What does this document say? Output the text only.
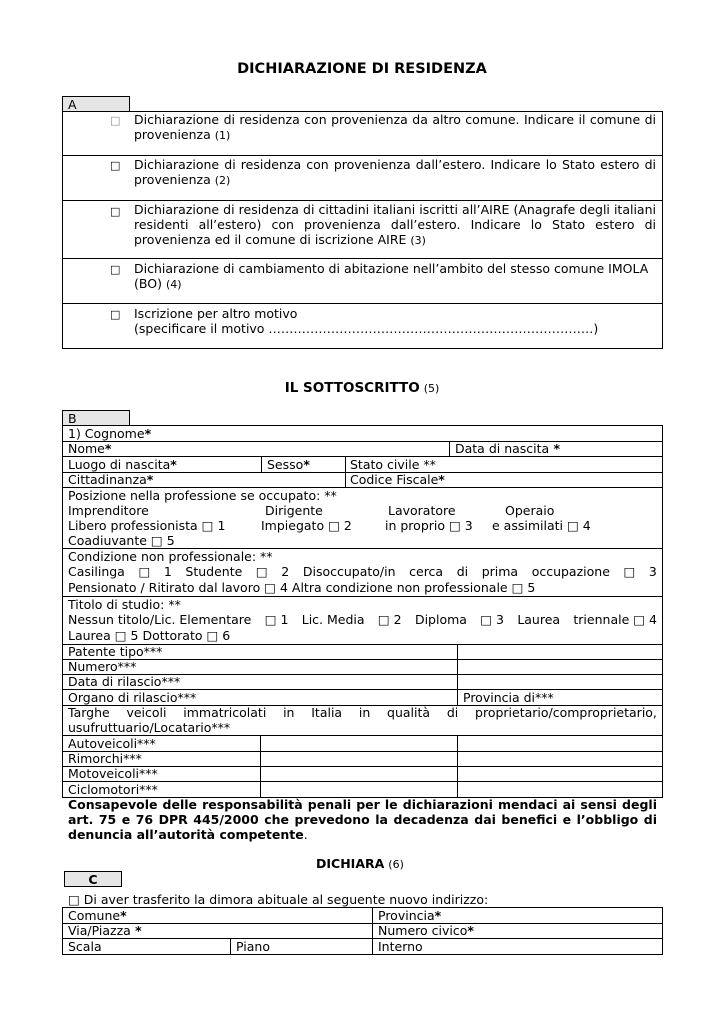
DICHIARAZIONE DI RESIDENZA
A
□ Dichiarazione di residenza con provenienza da altro comune. Indicare il comune di
provenienza (1)
□ Dichiarazione di residenza con provenienza dall’estero. Indicare lo Stato estero di
provenienza (2)
□ Dichiarazione di residenza di cittadini italiani iscritti all’AIRE (Anagrafe degli italiani
residenti all’estero) con provenienza dall’estero. Indicare lo Stato estero di
provenienza ed il comune di iscrizione AIRE (3)
□ Dichiarazione di cambiamento di abitazione nell’ambito del stesso comune IMOLA
(BO) (4)
□ Iscrizione per altro motivo
(specificare il motivo ……………………………………………………………………)
IL SOTTOSCRITTO (5)
B
1) Cognome*
Nome*	Data di nascita *
Luogo di nascita*	Sesso*	Stato civile **
Cittadinanza*	Codice Fiscale*
Posizione nella professione se occupato: **
Imprenditore	Dirigente	Lavoratore	Operaio
Libero professionista □ 1	Impiegato □ 2	in proprio □ 3 e assimilati □ 4
Coadiuvante □ 5
Condizione non professionale: **
Casilinga □ 1 Studente □ 2 Disoccupato/in cerca di prima occupazione □ 3
Pensionato / Ritirato dal lavoro □ 4 Altra condizione non professionale □ 5
Titolo di studio: **
Nessun titolo/Lic. Elementare □ 1 Lic. Media □ 2 Diploma □ 3 Laurea triennale □ 4
Laurea □ 5 Dottorato □ 6
Patente tipo***
Numero***
Data di rilascio***
Organo di rilascio***	Provincia di***
Targhe veicoli immatricolati in Italia in qualità di proprietario/comproprietario,
usufruttuario/Locatario***
Autoveicoli***
Rimorchi***
Motoveicoli***
Ciclomotori***
Consapevole delle responsabilità penali per le dichiarazioni mendaci ai sensi degli
art. 75 e 76 DPR 445/2000 che prevedono la decadenza dai benefici e l’obbligo di
denuncia all’autorità competente.
DICHIARA (6)
C
□ Di aver trasferito la dimora abituale al seguente nuovo indirizzo:
Comune*	Provincia*
Via/Piazza *	Numero civico*
Scala	Piano	Interno
